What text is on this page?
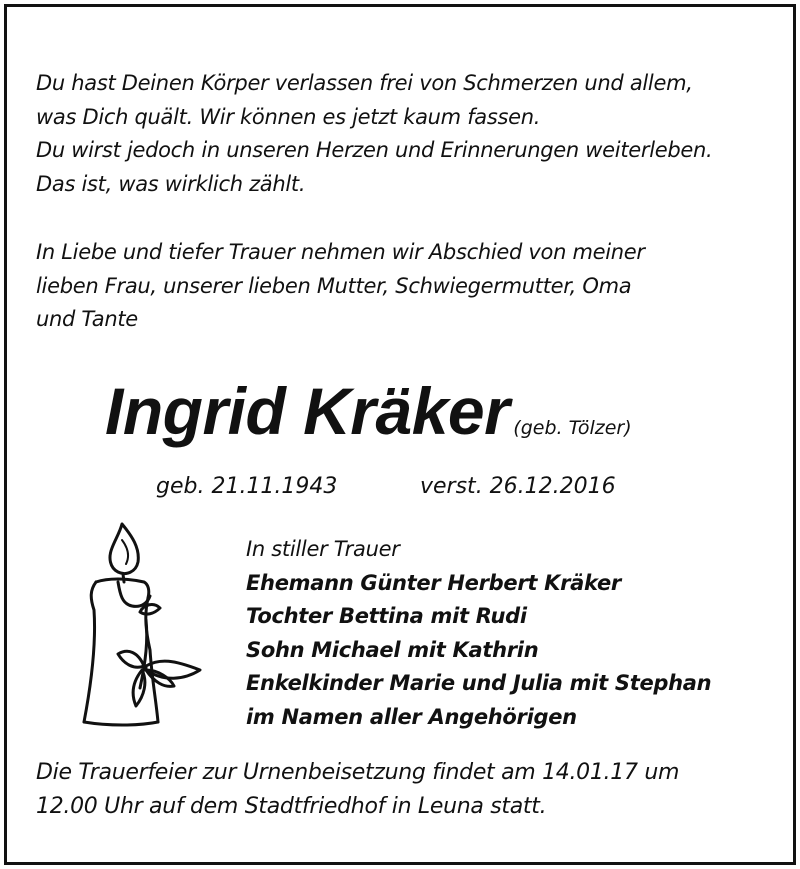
Du hast Deinen Körper verlassen frei von Schmerzen und allem,
was Dich quält. Wir können es jetzt kaum fassen.
Du wirst jedoch in unseren Herzen und Erinnerungen weiterleben.
Das ist, was wirklich zählt.
In Liebe und tiefer Trauer nehmen wir Abschied von meiner
lieben Frau, unserer lieben Mutter, Schwiegermutter, Oma
und Tante
Ingrid Kräker (geb. Tölzer)
geb. 21.11.1943	verst. 26.12.2016
In stiller Trauer
Ehemann Günter Herbert Kräker
Tochter Bettina mit Rudi
Sohn Michael mit Kathrin
Enkelkinder Marie und Julia mit Stephan
im Namen aller Angehörigen
Die Trauerfeier zur Urnenbeisetzung findet am 14.01.17 um
12.00 Uhr auf dem Stadtfriedhof in Leuna statt.
